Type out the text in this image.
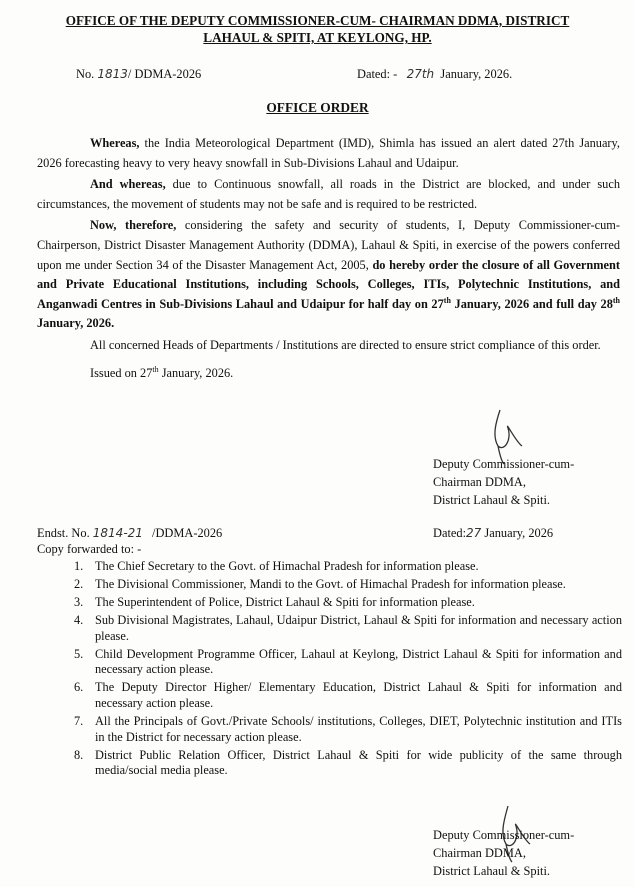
OFFICE OF THE DEPUTY COMMISSIONER-CUM- CHAIRMAN DDMA, DISTRICT
LAHAUL & SPITI, AT KEYLONG, HP.
No. 1813/ DDMA-2026	Dated: - 27th January, 2026.
OFFICE ORDER

Whereas, the India Meteorological Department (IMD), Shimla has issued an alert dated 27th January, 2026 forecasting heavy to very heavy snowfall in Sub-Divisions Lahaul and Udaipur.

And whereas, due to Continuous snowfall, all roads in the District are blocked, and under such circumstances, the movement of students may not be safe and is required to be restricted.

Now, therefore, considering the safety and security of students, I, Deputy Commissioner-cum-Chairperson, District Disaster Management Authority (DDMA), Lahaul & Spiti, in exercise of the powers conferred upon me under Section 34 of the Disaster Management Act, 2005, do hereby order the closure of all Government and Private Educational Institutions, including Schools, Colleges, ITIs, Polytechnic Institutions, and Anganwadi Centres in Sub-Divisions Lahaul and Udaipur for half day on 27th January, 2026 and full day 28th January, 2026.

All concerned Heads of Departments / Institutions are directed to ensure strict compliance of this order.

Issued on 27th January, 2026.

Deputy Commissioner-cum-
Chairman DDMA,
District Lahaul & Spiti.
Endst. No. 1814-21 /DDMA-2026	Dated:27 January, 2026
Copy forwarded to: -
1. The Chief Secretary to the Govt. of Himachal Pradesh for information please.
2. The Divisional Commissioner, Mandi to the Govt. of Himachal Pradesh for information please.
3. The Superintendent of Police, District Lahaul & Spiti for information please.
4. Sub Divisional Magistrates, Lahaul, Udaipur District, Lahaul & Spiti for information and necessary action please.
5. Child Development Programme Officer, Lahaul at Keylong, District Lahaul & Spiti for information and necessary action please.
6. The Deputy Director Higher/ Elementary Education, District Lahaul & Spiti for information and necessary action please.
7. All the Principals of Govt./Private Schools/ institutions, Colleges, DIET, Polytechnic institution and ITIs in the District for necessary action please.
8. District Public Relation Officer, District Lahaul & Spiti for wide publicity of the same through media/social media please.
Deputy Commissioner-cum-
Chairman DDMA,
District Lahaul & Spiti.
